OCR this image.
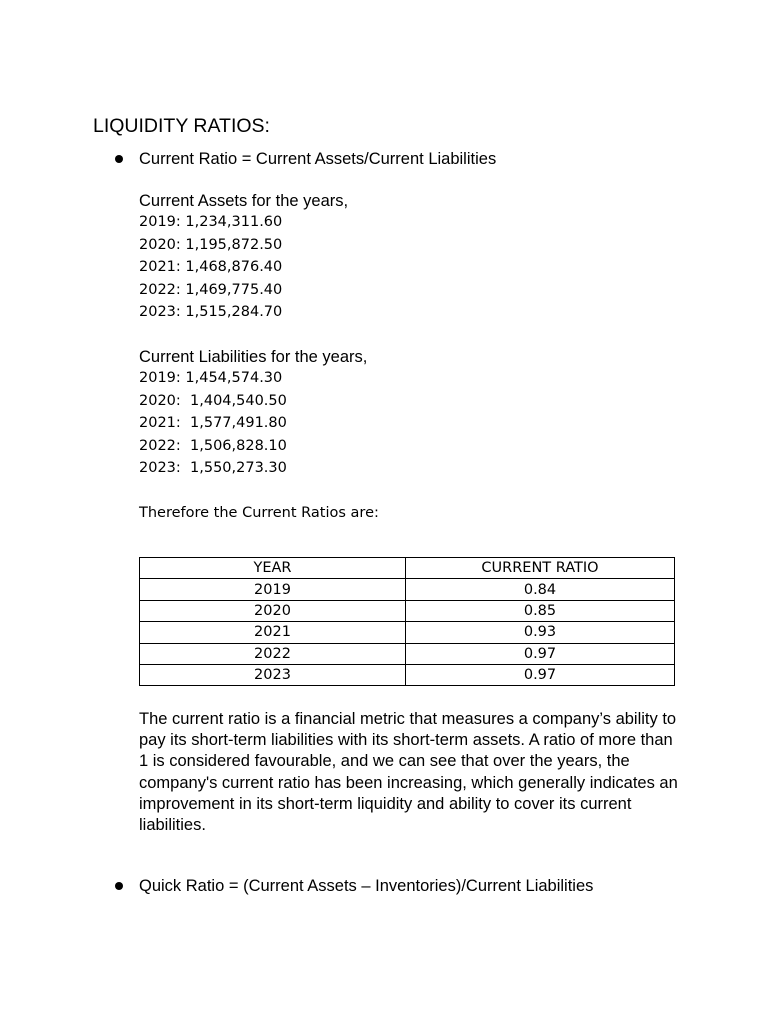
LIQUIDITY RATIOS:
Current Ratio = Current Assets/Current Liabilities
Current Assets for the years,
2019: 1,234,311.60
2020: 1,195,872.50
2021: 1,468,876.40
2022: 1,469,775.40
2023: 1,515,284.70
Current Liabilities for the years,
2019: 1,454,574.30
2020:  1,404,540.50
2021:  1,577,491.80
2022:  1,506,828.10
2023:  1,550,273.30
Therefore the Current Ratios are:
YEAR	CURRENT RATIO
2019	0.84
2020	0.85
2021	0.93
2022	0.97
2023	0.97

The current ratio is a financial metric that measures a company’s ability to pay its short-term liabilities with its short-term assets. A ratio of more than 1 is considered favourable, and we can see that over the years, the company's current ratio has been increasing, which generally indicates an improvement in its short-term liquidity and ability to cover its current liabilities.

Quick Ratio = (Current Assets – Inventories)/Current Liabilities
